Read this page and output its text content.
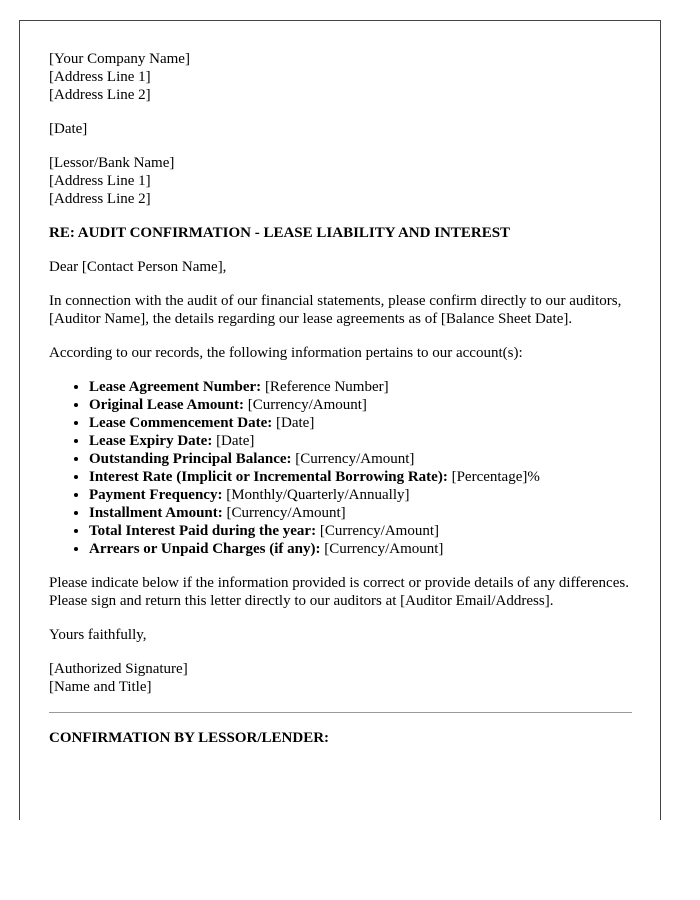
[Your Company Name]
[Address Line 1]
[Address Line 2]
[Date]
[Lessor/Bank Name]
[Address Line 1]
[Address Line 2]
RE: AUDIT CONFIRMATION - LEASE LIABILITY AND INTEREST

Dear [Contact Person Name],

In connection with the audit of our financial statements, please confirm directly to our auditors, [Auditor Name], the details regarding our lease agreements as of [Balance Sheet Date].

According to our records, the following information pertains to our account(s):

• Lease Agreement Number: [Reference Number]
• Original Lease Amount: [Currency/Amount]
• Lease Commencement Date: [Date]
• Lease Expiry Date: [Date]
• Outstanding Principal Balance: [Currency/Amount]
• Interest Rate (Implicit or Incremental Borrowing Rate): [Percentage]%
• Payment Frequency: [Monthly/Quarterly/Annually]
• Installment Amount: [Currency/Amount]
• Total Interest Paid during the year: [Currency/Amount]
• Arrears or Unpaid Charges (if any): [Currency/Amount]

Please indicate below if the information provided is correct or provide details of any differences. Please sign and return this letter directly to our auditors at [Auditor Email/Address].

Yours faithfully,

[Authorized Signature]
[Name and Title]
CONFIRMATION BY LESSOR/LENDER:
